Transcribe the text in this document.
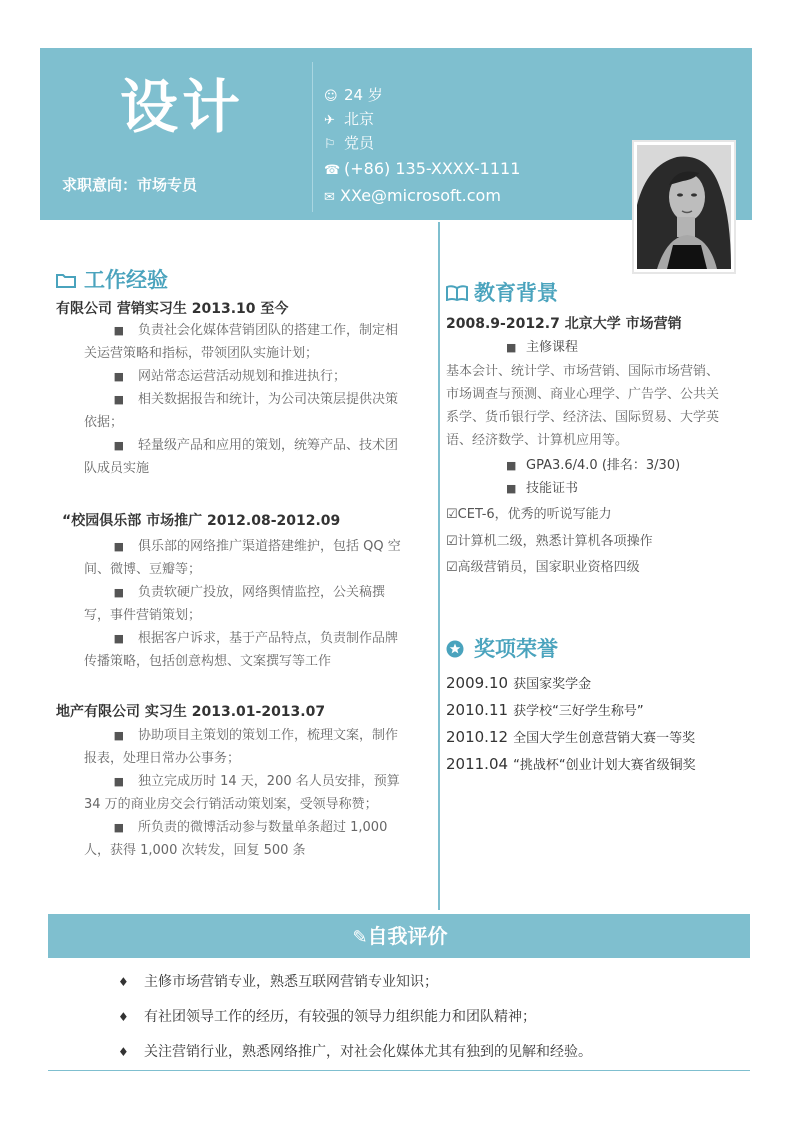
设计
求职意向：市场专员
☺ 24 岁
✈ 北京
⚐ 党员
☎ (+86) 135-XXXX-1111
✉ XXe@microsoft.com
工作经验
有限公司 营销实习生 2013.10 至今
■ 负责社会化媒体营销团队的搭建工作，制定相
关运营策略和指标，带领团队实施计划；
■ 网站常态运营活动规划和推进执行；
■ 相关数据报告和统计，为公司决策层提供决策
依据；
■ 轻量级产品和应用的策划，统筹产品、技术团
队成员实施
“校园俱乐部 市场推广 2012.08-2012.09
■ 俱乐部的网络推广渠道搭建维护，包括 QQ 空
间、微博、豆瓣等；
■ 负责软硬广投放，网络舆情监控，公关稿撰
写，事件营销策划；
■ 根据客户诉求，基于产品特点，负责制作品牌
传播策略，包括创意构想、文案撰写等工作
地产有限公司 实习生 2013.01-2013.07
■ 协助项目主策划的策划工作，梳理文案，制作
报表，处理日常办公事务；
■ 独立完成历时 14 天，200 名人员安排，预算
34 万的商业房交会行销活动策划案，受领导称赞；
■ 所负责的微博活动参与数量单条超过 1,000
人，获得 1,000 次转发，回复 500 条
教育背景
2008.9-2012.7 北京大学 市场营销
■ 主修课程
基本会计、统计学、市场营销、国际市场营销、
市场调查与预测、商业心理学、广告学、公共关
系学、货币银行学、经济法、国际贸易、大学英
语、经济数学、计算机应用等。
■ GPA3.6/4.0 (排名：3/30)
■ 技能证书
☑CET-6，优秀的听说写能力
☑计算机二级，熟悉计算机各项操作
☑高级营销员，国家职业资格四级
奖项荣誉
2009.10 获国家奖学金
2010.11 获学校“三好学生称号”
2010.12 全国大学生创意营销大赛一等奖
2011.04 “挑战杯“创业计划大赛省级铜奖
✎自我评价
♦ 主修市场营销专业，熟悉互联网营销专业知识；
♦ 有社团领导工作的经历，有较强的领导力组织能力和团队精神；
♦ 关注营销行业，熟悉网络推广，对社会化媒体尤其有独到的见解和经验。
